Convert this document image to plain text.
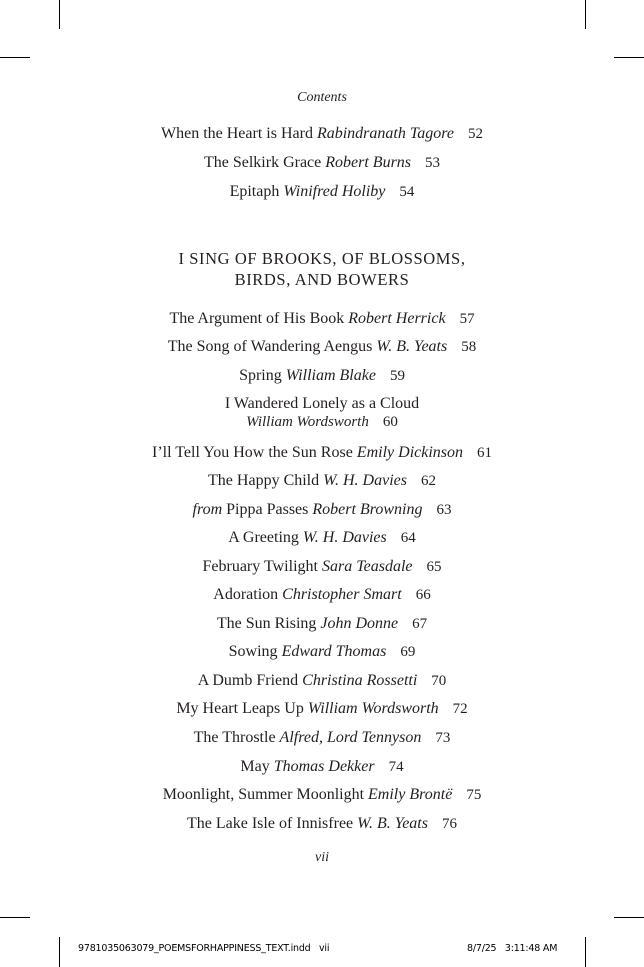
Contents
When the Heart is Hard Rabindranath Tagore 52
The Selkirk Grace Robert Burns 53
Epitaph Winifred Holiby 54
I SING OF BROOKS, OF BLOSSOMS,
BIRDS, AND BOWERS
The Argument of His Book Robert Herrick 57
The Song of Wandering Aengus W. B. Yeats 58
Spring William Blake 59
I Wandered Lonely as a Cloud
William Wordsworth 60
I’ll Tell You How the Sun Rose Emily Dickinson 61
The Happy Child W. H. Davies 62
from Pippa Passes Robert Browning 63
A Greeting W. H. Davies 64
February Twilight Sara Teasdale 65
Adoration Christopher Smart 66
The Sun Rising John Donne 67
Sowing Edward Thomas 69
A Dumb Friend Christina Rossetti 70
My Heart Leaps Up William Wordsworth 72
The Throstle Alfred, Lord Tennyson 73
May Thomas Dekker 74
Moonlight, Summer Moonlight Emily Brontë 75
The Lake Isle of Innisfree W. B. Yeats 76
vii
9781035063079_POEMSFORHAPPINESS_TEXT.indd vii	8/7/25 3:11:48 AM
